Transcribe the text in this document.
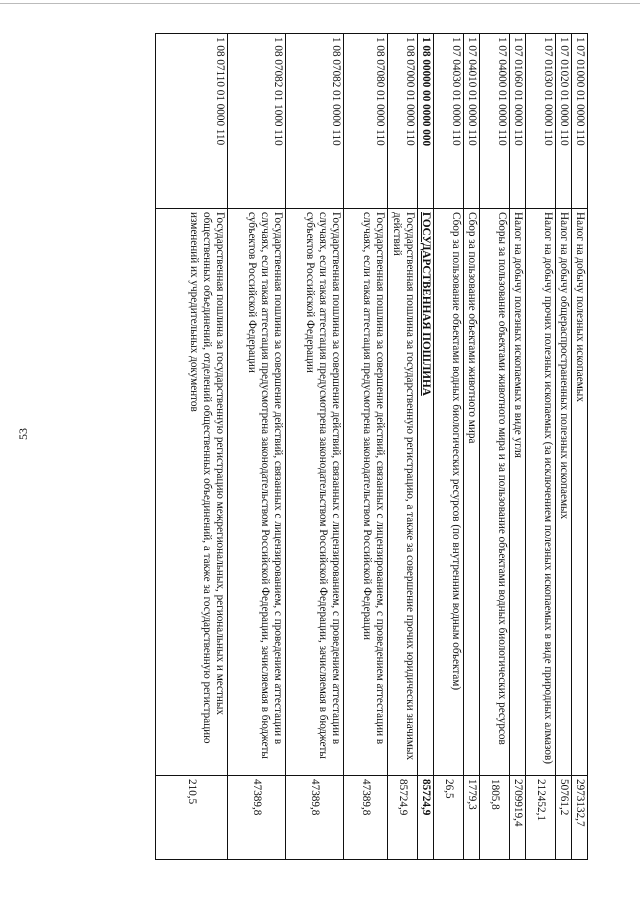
53
1 07 01000 01 0000 110	Налог на добычу полезных ископаемых	2973132,7
1 07 01020 01 0000 110	Налог на добычу общераспространенных полезных ископаемых	50761,2
1 07 01030 01 0000 110	Налог на добычу прочих полезных ископаемых (за исключением полезных ископаемых в виде природных алмазов)	212452,1
1 07 01060 01 0000 110	Налог на добычу полезных ископаемых в виде угля	2709919,4
1 07 04000 01 0000 110	Сборы за пользование объектами животного мира и за пользование объектами водных биологических ресурсов	1805,8
1 07 04010 01 0000 110	Сбор за пользование объектами животного мира	1779,3
1 07 04030 01 0000 110	Сбор за пользование объектами водных биологических ресурсов (по внутренним водным объектам)	26,5
1 08 00000 00 0000 000	ГОСУДАРСТВЕННАЯ ПОШЛИНА	85724,9
1 08 07000 01 0000 110	Государственная пошлина за государственную регистрацию, а также за совершение прочих юридически значимых действий	85724,9
1 08 07080 01 0000 110	Государственная пошлина за совершение действий, связанных с лицензированием, с проведением аттестации в случаях, если такая аттестация предусмотрена законодательством Российской Федерации	47389,8
1 08 07082 01 0000 110	Государственная пошлина за совершение действий, связанных с лицензированием, с проведением аттестации в случаях, если такая аттестация предусмотрена законодательством Российской Федерации, зачисляемая в бюджеты субъектов Российской Федерации	47389,8
1 08 07082 01 1000 110	Государственная пошлина за совершение действий, связанных с лицензированием, с проведением аттестации в случаях, если такая аттестация предусмотрена законодательством Российской Федерации, зачисляемая в бюджеты субъектов Российской Федерации	47389,8
1 08 07110 01 0000 110	Государственная пошлина за государственную регистрацию межрегиональных, региональных и местных общественных объединений, отделений общественных объединений, а также за государственную регистрацию изменений их учредительных документов	210,5
